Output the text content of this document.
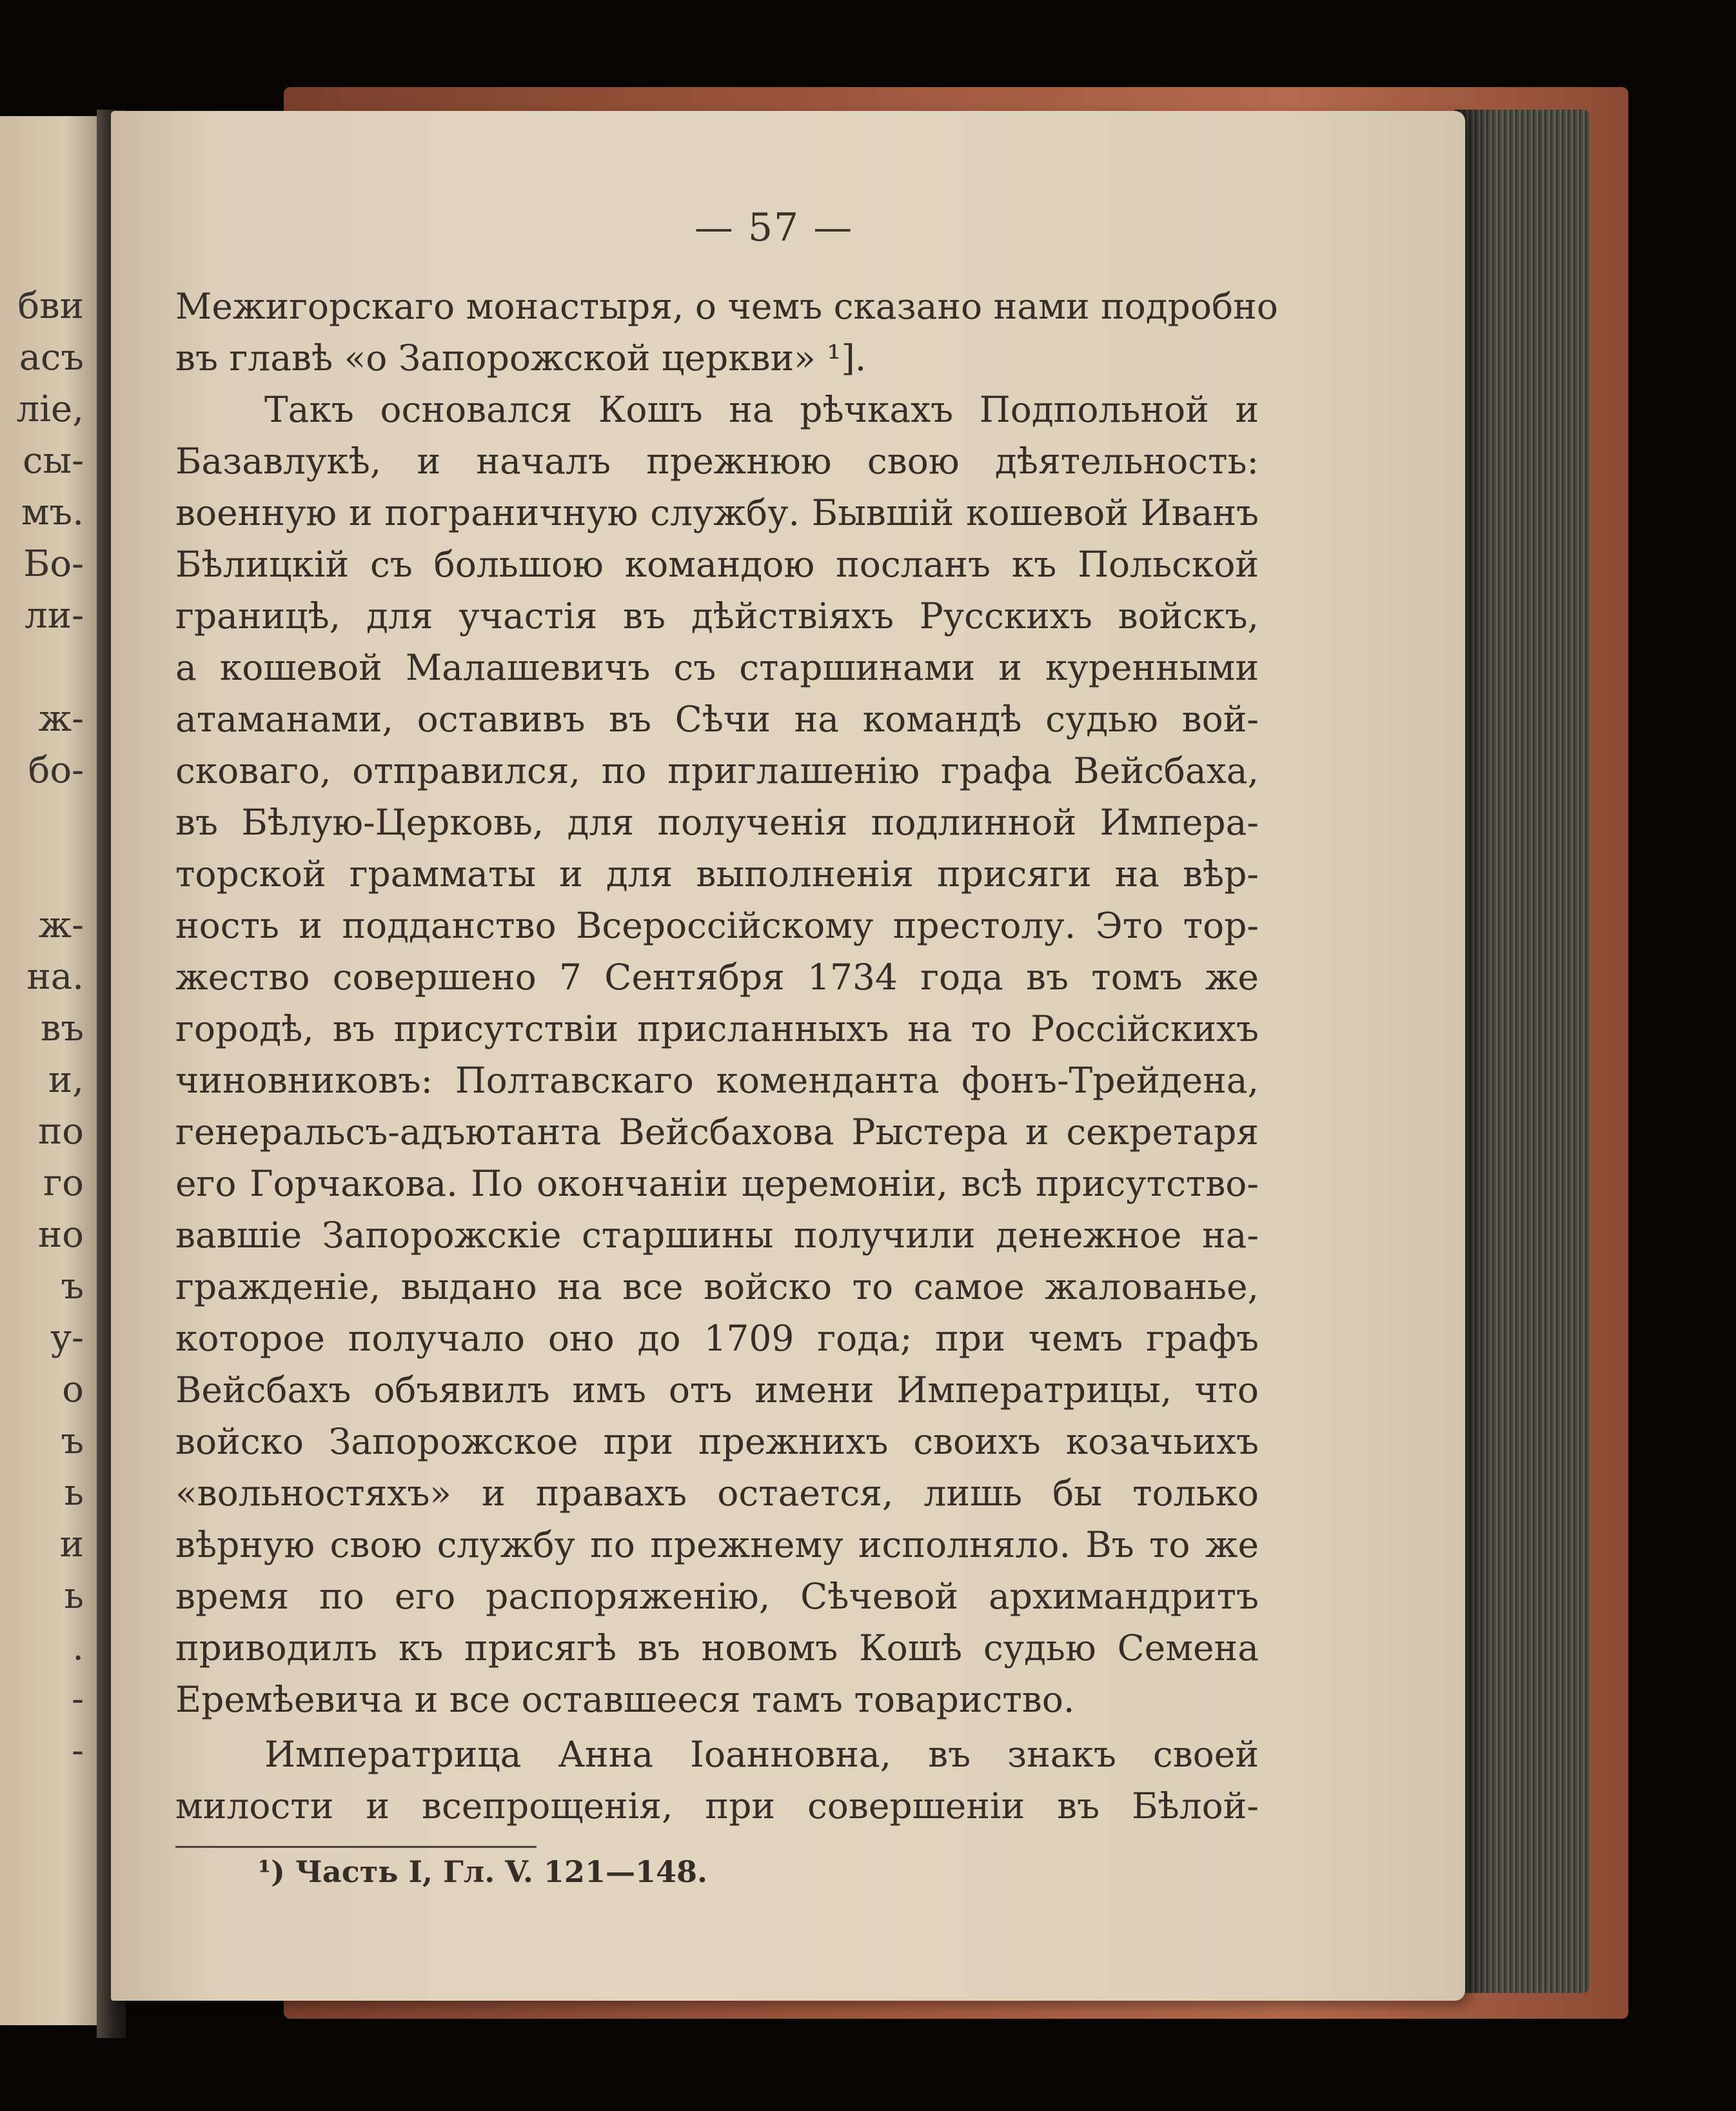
бви
асъ
ліе,
сы-
мъ.
Бо-
ли-
ж-
бо-
ж-
на.
въ
и,
по
го
но
ъ
у-
о
ъ
ь
и
ь
.
-
-
— 57 —
Межигорскаго монастыря, о чемъ сказано нами подробно
въ главѣ «о Запорожской церкви» ¹].
Такъ основался Кошъ на рѣчкахъ Подпольной и
Базавлукѣ, и началъ прежнюю свою дѣятельность:
военную и пограничную службу. Бывшій кошевой Иванъ
Бѣлицкій съ большою командою посланъ къ Польской
границѣ, для участія въ дѣйствіяхъ Русскихъ войскъ,
а кошевой Малашевичъ съ старшинами и куренными
атаманами, оставивъ въ Сѣчи на командѣ судью вой-
сковаго, отправился, по приглашенію графа Вейсбаха,
въ Бѣлую-Церковь, для полученія подлинной Импера-
торской грамматы и для выполненія присяги на вѣр-
ность и подданство Всероссійскому престолу. Это тор-
жество совершено 7 Сентября 1734 года въ томъ же
городѣ, въ присутствіи присланныхъ на то Россійскихъ
чиновниковъ: Полтавскаго коменданта фонъ-Трейдена,
генеральсъ-адъютанта Вейсбахова Рыстера и секретаря
его Горчакова. По окончаніи церемоніи, всѣ присутство-
вавшіе Запорожскіе старшины получили денежное на-
гражденіе, выдано на все войско то самое жалованье,
которое получало оно до 1709 года; при чемъ графъ
Вейсбахъ объявилъ имъ отъ имени Императрицы, что
войско Запорожское при прежнихъ своихъ козачьихъ
«вольностяхъ» и правахъ остается, лишь бы только
вѣрную свою службу по прежнему исполняло. Въ то же
время по его распоряженію, Сѣчевой архимандритъ
приводилъ къ присягѣ въ новомъ Кошѣ судью Семена
Еремѣевича и все оставшееся тамъ товариство.
Императрица Анна Іоанновна, въ знакъ своей
милости и всепрощенія, при совершеніи въ Бѣлой-
¹) Часть I, Гл. V. 121—148.
